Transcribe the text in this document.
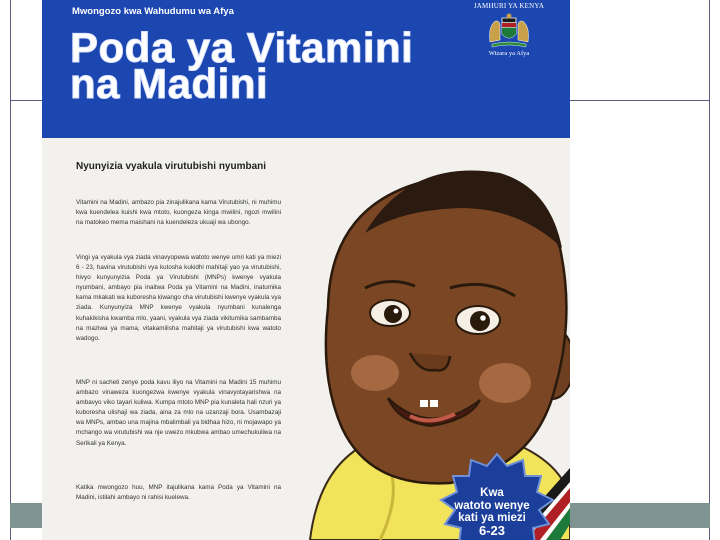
Mwongozo kwa Wahudumu wa Afya
Poda ya Vitamini
na Madini
JAMHURI YA KENYA
Wizara ya Afya
Nyunyizia vyakula virutubishi nyumbani
Vitamini na Madini, ambazo pia zinajulikana kama Virutubishi, ni muhimu kwa kuendelea kuishi kwa mtoto, kuongeza kinga mwilini, ngozi mwilini na matokeo mema maishani na kuendeleza ukuaji wa ubongo.
Vingi ya vyakula vya ziada vinavyopewa watoto wenye umri kati ya miezi 6 - 23, havina virutubishi vya kutosha kukidhi mahitaji yao ya virutubishi, hivyo kunyunyizia Poda ya Virutubishi (MNPs) kwenye vyakula nyumbani, ambayo pia inaitwa Poda ya Vitamini na Madini, inatumika kama mkakati wa kuboresha kiwango cha virutubishi kwenye vyakula vya ziada. Kunyunyiza MNP kwenye vyakula nyumbani kunalenga kuhakikisha kwamba mlo, yaani, vyakula vya ziada vikitumika sambamba na maziwa ya mama, vitakamilisha mahitaji ya virutubishi kwa watoto wadogo.
MNP ni sacheti zenye poda kavu iliyo na Vitamini na Madini 15 muhimu ambazo vinaweza kuongezwa kwenye vyakula vinavyotayarishwa na ambavyo viko tayari kuliwa. Kumpa mtoto MNP pia kunaleta hali nzuri ya kuboresha ulishaji wa ziada, aina za mlo na uzanzaji bora. Usambazaji wa MNPs, ambao una majina mbalimbali ya bidhaa hizo, ni mojawapo ya mchango wa virutubishi wa nje uwezo mkubwa ambao umechukuliwa na Serikali ya Kenya.
Katika mwongozo huu, MNP itajulikana kama Poda ya Vitamini na Madini, istilahi ambayo ni rahisi kuelewa.	Kwa
watoto wenye
kati ya miezi
6-23
